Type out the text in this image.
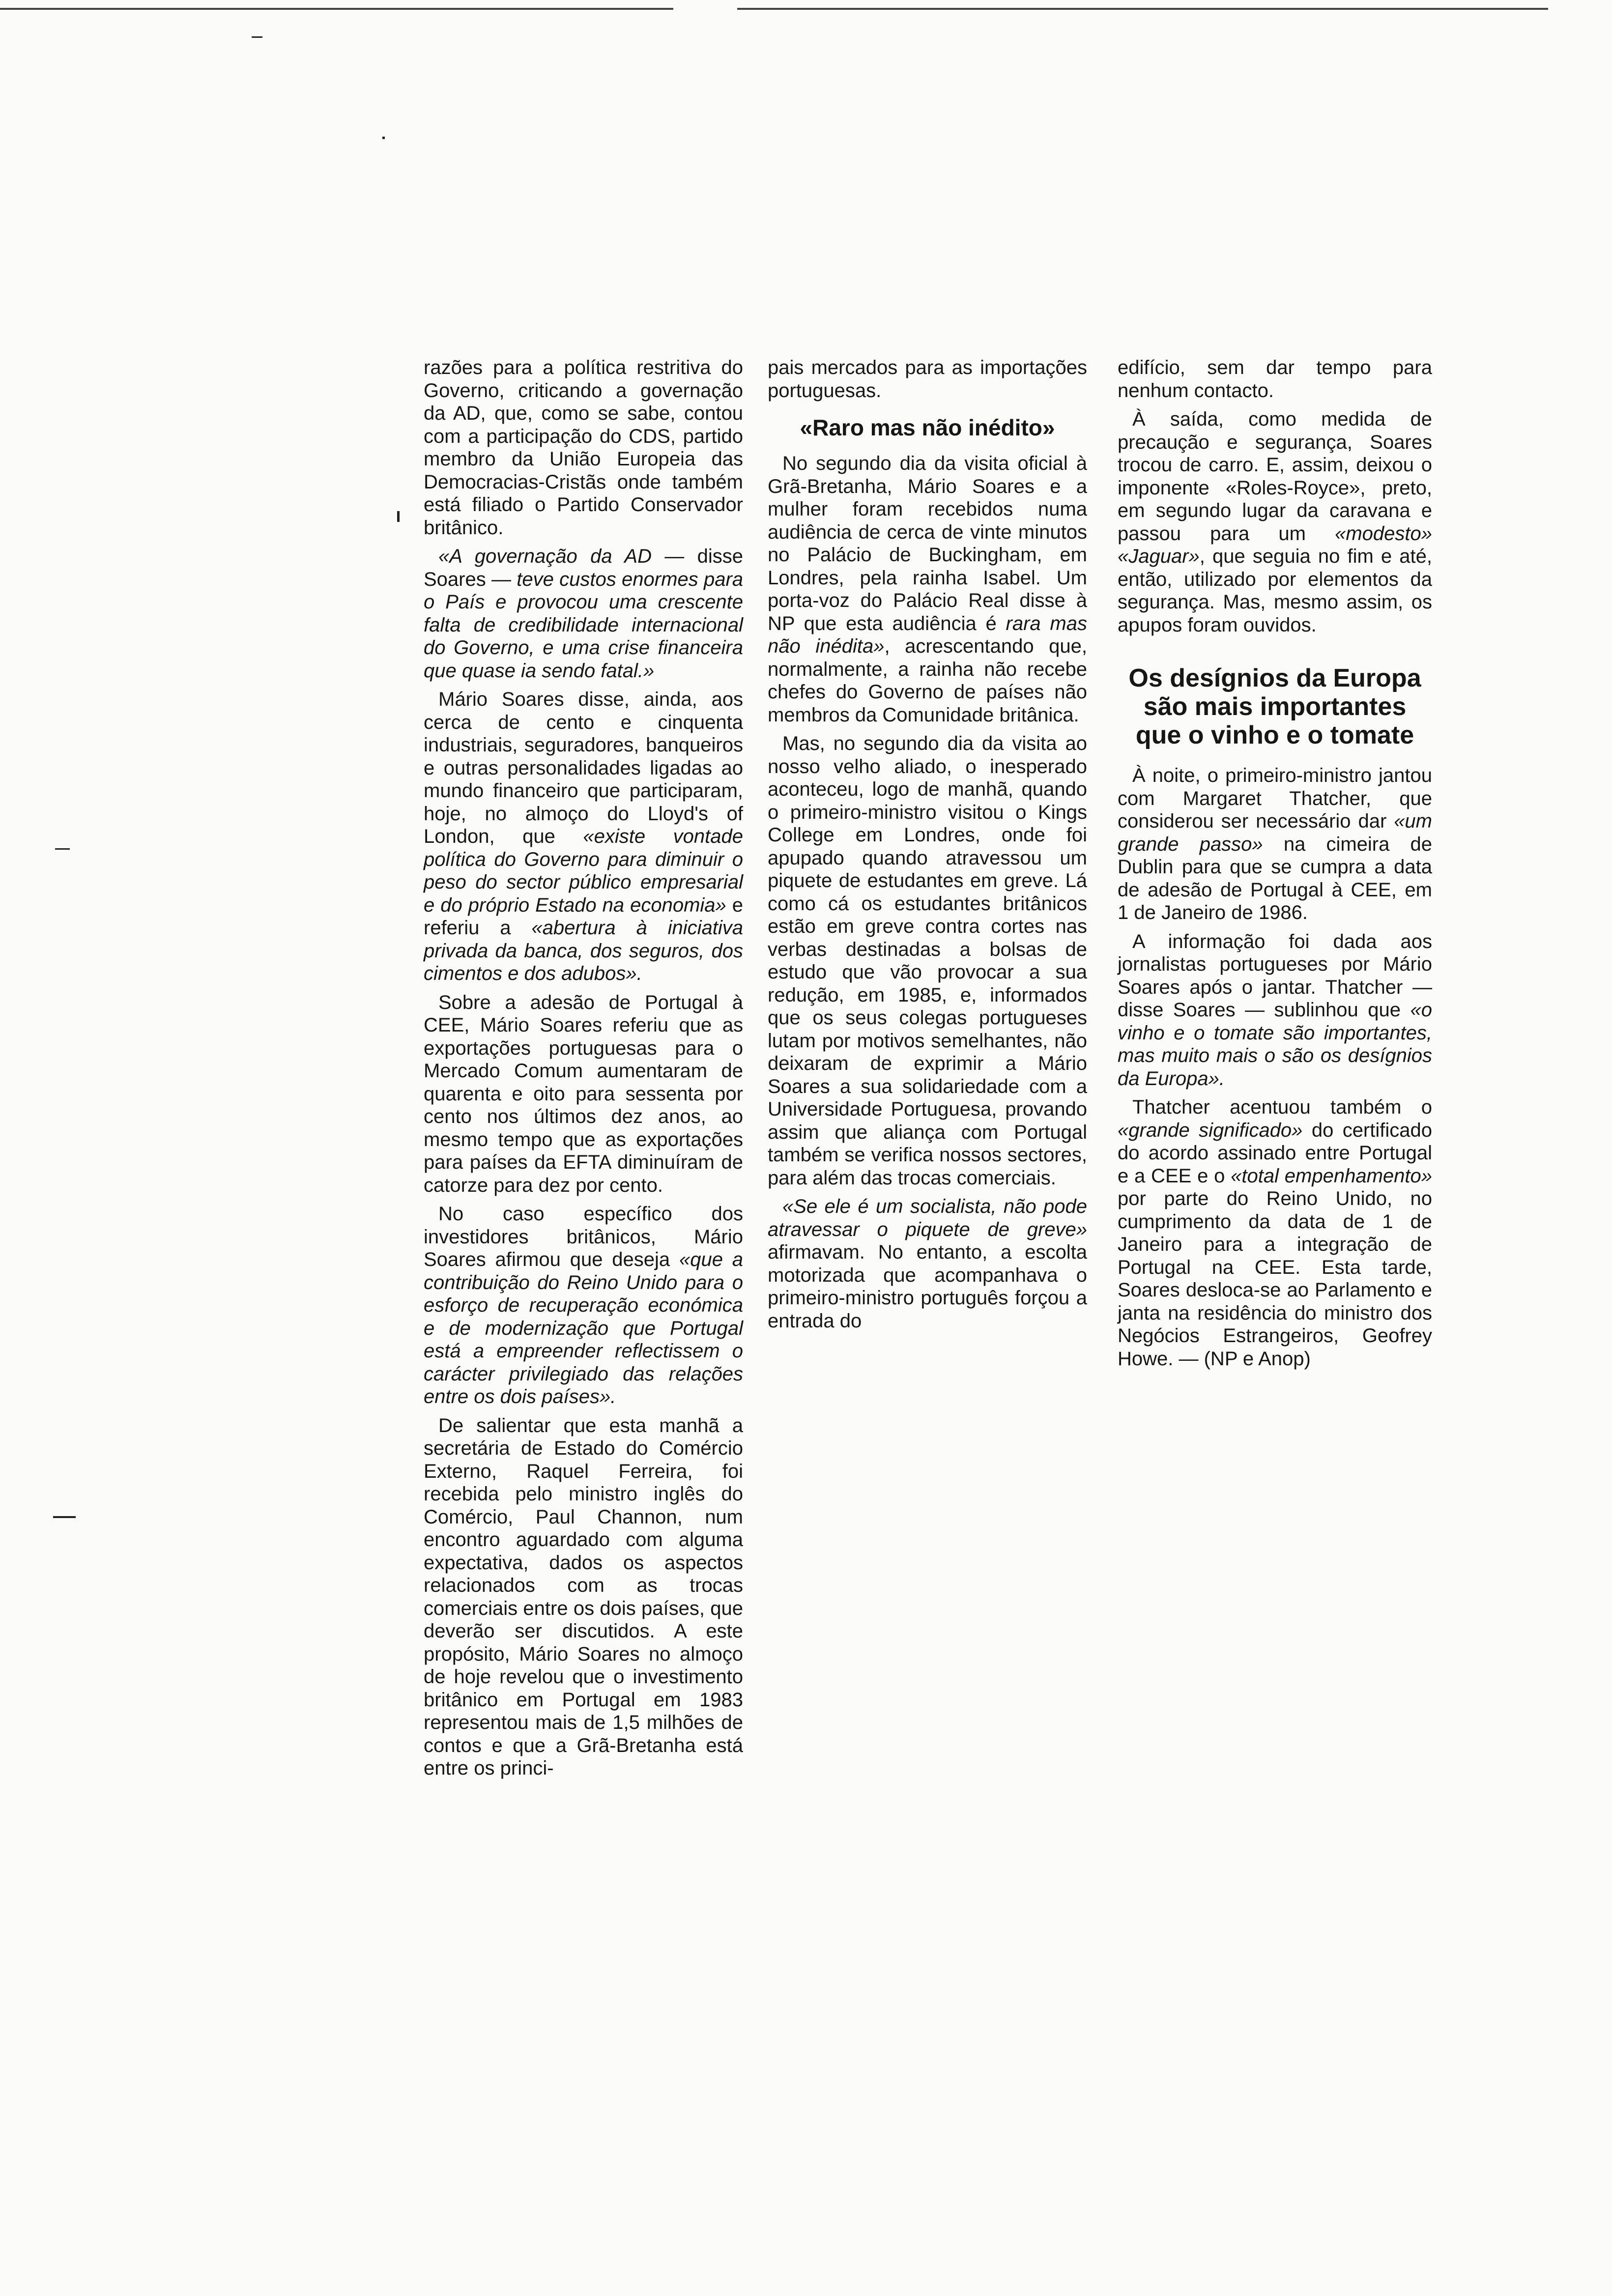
razões para a política restritiva do Governo, criticando a governação da AD, que, como se sabe, contou com a participação do CDS, partido membro da União Europeia das Democracias-Cristãs onde também está filiado o Partido Conservador britânico.

«A governação da AD — disse Soares — teve custos enormes para o País e provocou uma crescente falta de credibilidade internacional do Governo, e uma crise financeira que quase ia sendo fatal.»

Mário Soares disse, ainda, aos cerca de cento e cinquenta industriais, seguradores, banqueiros e outras personalidades ligadas ao mundo financeiro que participaram, hoje, no almoço do Lloyd's of London, que «existe vontade política do Governo para diminuir o peso do sector público empresarial e do próprio Estado na economia» e referiu a «abertura à iniciativa privada da banca, dos seguros, dos cimentos e dos adubos».

Sobre a adesão de Portugal à CEE, Mário Soares referiu que as exportações portuguesas para o Mercado Comum aumentaram de quarenta e oito para sessenta por cento nos últimos dez anos, ao mesmo tempo que as exportações para países da EFTA diminuíram de catorze para dez por cento.

No caso específico dos investidores britânicos, Mário Soares afirmou que deseja «que a contribuição do Reino Unido para o esforço de recuperação económica e de modernização que Portugal está a empreender reflectissem o carácter privilegiado das relações entre os dois países».

De salientar que esta manhã a secretária de Estado do Comércio Externo, Raquel Ferreira, foi recebida pelo ministro inglês do Comércio, Paul Channon, num encontro aguardado com alguma expectativa, dados os aspectos relacionados com as trocas comerciais entre os dois países, que deverão ser discutidos. A este propósito, Mário Soares no almoço de hoje revelou que o investimento britânico em Portugal em 1983 representou mais de 1,5 milhões de contos e que a Grã-Bretanha está entre os princi-

pais mercados para as importações portuguesas.

«Raro mas não inédito»

No segundo dia da visita oficial à Grã-Bretanha, Mário Soares e a mulher foram recebidos numa audiência de cerca de vinte minutos no Palácio de Buckingham, em Londres, pela rainha Isabel. Um porta-voz do Palácio Real disse à NP que esta audiência é rara mas não inédita», acrescentando que, normalmente, a rainha não recebe chefes do Governo de países não membros da Comunidade britânica.

Mas, no segundo dia da visita ao nosso velho aliado, o inesperado aconteceu, logo de manhã, quando o primeiro-ministro visitou o Kings College em Londres, onde foi apupado quando atravessou um piquete de estudantes em greve. Lá como cá os estudantes britânicos estão em greve contra cortes nas verbas destinadas a bolsas de estudo que vão provocar a sua redução, em 1985, e, informados que os seus colegas portugueses lutam por motivos semelhantes, não deixaram de exprimir a Mário Soares a sua solidariedade com a Universidade Portuguesa, provando assim que aliança com Portugal também se verifica nossos sectores, para além das trocas comerciais.

«Se ele é um socialista, não pode atravessar o piquete de greve» afirmavam. No entanto, a escolta motorizada que acompanhava o primeiro-ministro português forçou a entrada do

edifício, sem dar tempo para nenhum contacto.

À saída, como medida de precaução e segurança, Soares trocou de carro. E, assim, deixou o imponente «Roles-Royce», preto, em segundo lugar da caravana e passou para um «modesto» «Jaguar», que seguia no fim e até, então, utilizado por elementos da segurança. Mas, mesmo assim, os apupos foram ouvidos.

Os desígnios da Europa são mais importantes que o vinho e o tomate

À noite, o primeiro-ministro jantou com Margaret Thatcher, que considerou ser necessário dar «um grande passo» na cimeira de Dublin para que se cumpra a data de adesão de Portugal à CEE, em 1 de Janeiro de 1986.

A informação foi dada aos jornalistas portugueses por Mário Soares após o jantar. Thatcher — disse Soares — sublinhou que «o vinho e o tomate são importantes, mas muito mais o são os desígnios da Europa».

Thatcher acentuou também o «grande significado» do certificado do acordo assinado entre Portugal e a CEE e o «total empenhamento» por parte do Reino Unido, no cumprimento da data de 1 de Janeiro para a integração de Portugal na CEE. Esta tarde, Soares desloca-se ao Parlamento e janta na residência do ministro dos Negócios Estrangeiros, Geofrey Howe. — (NP e Anop)
